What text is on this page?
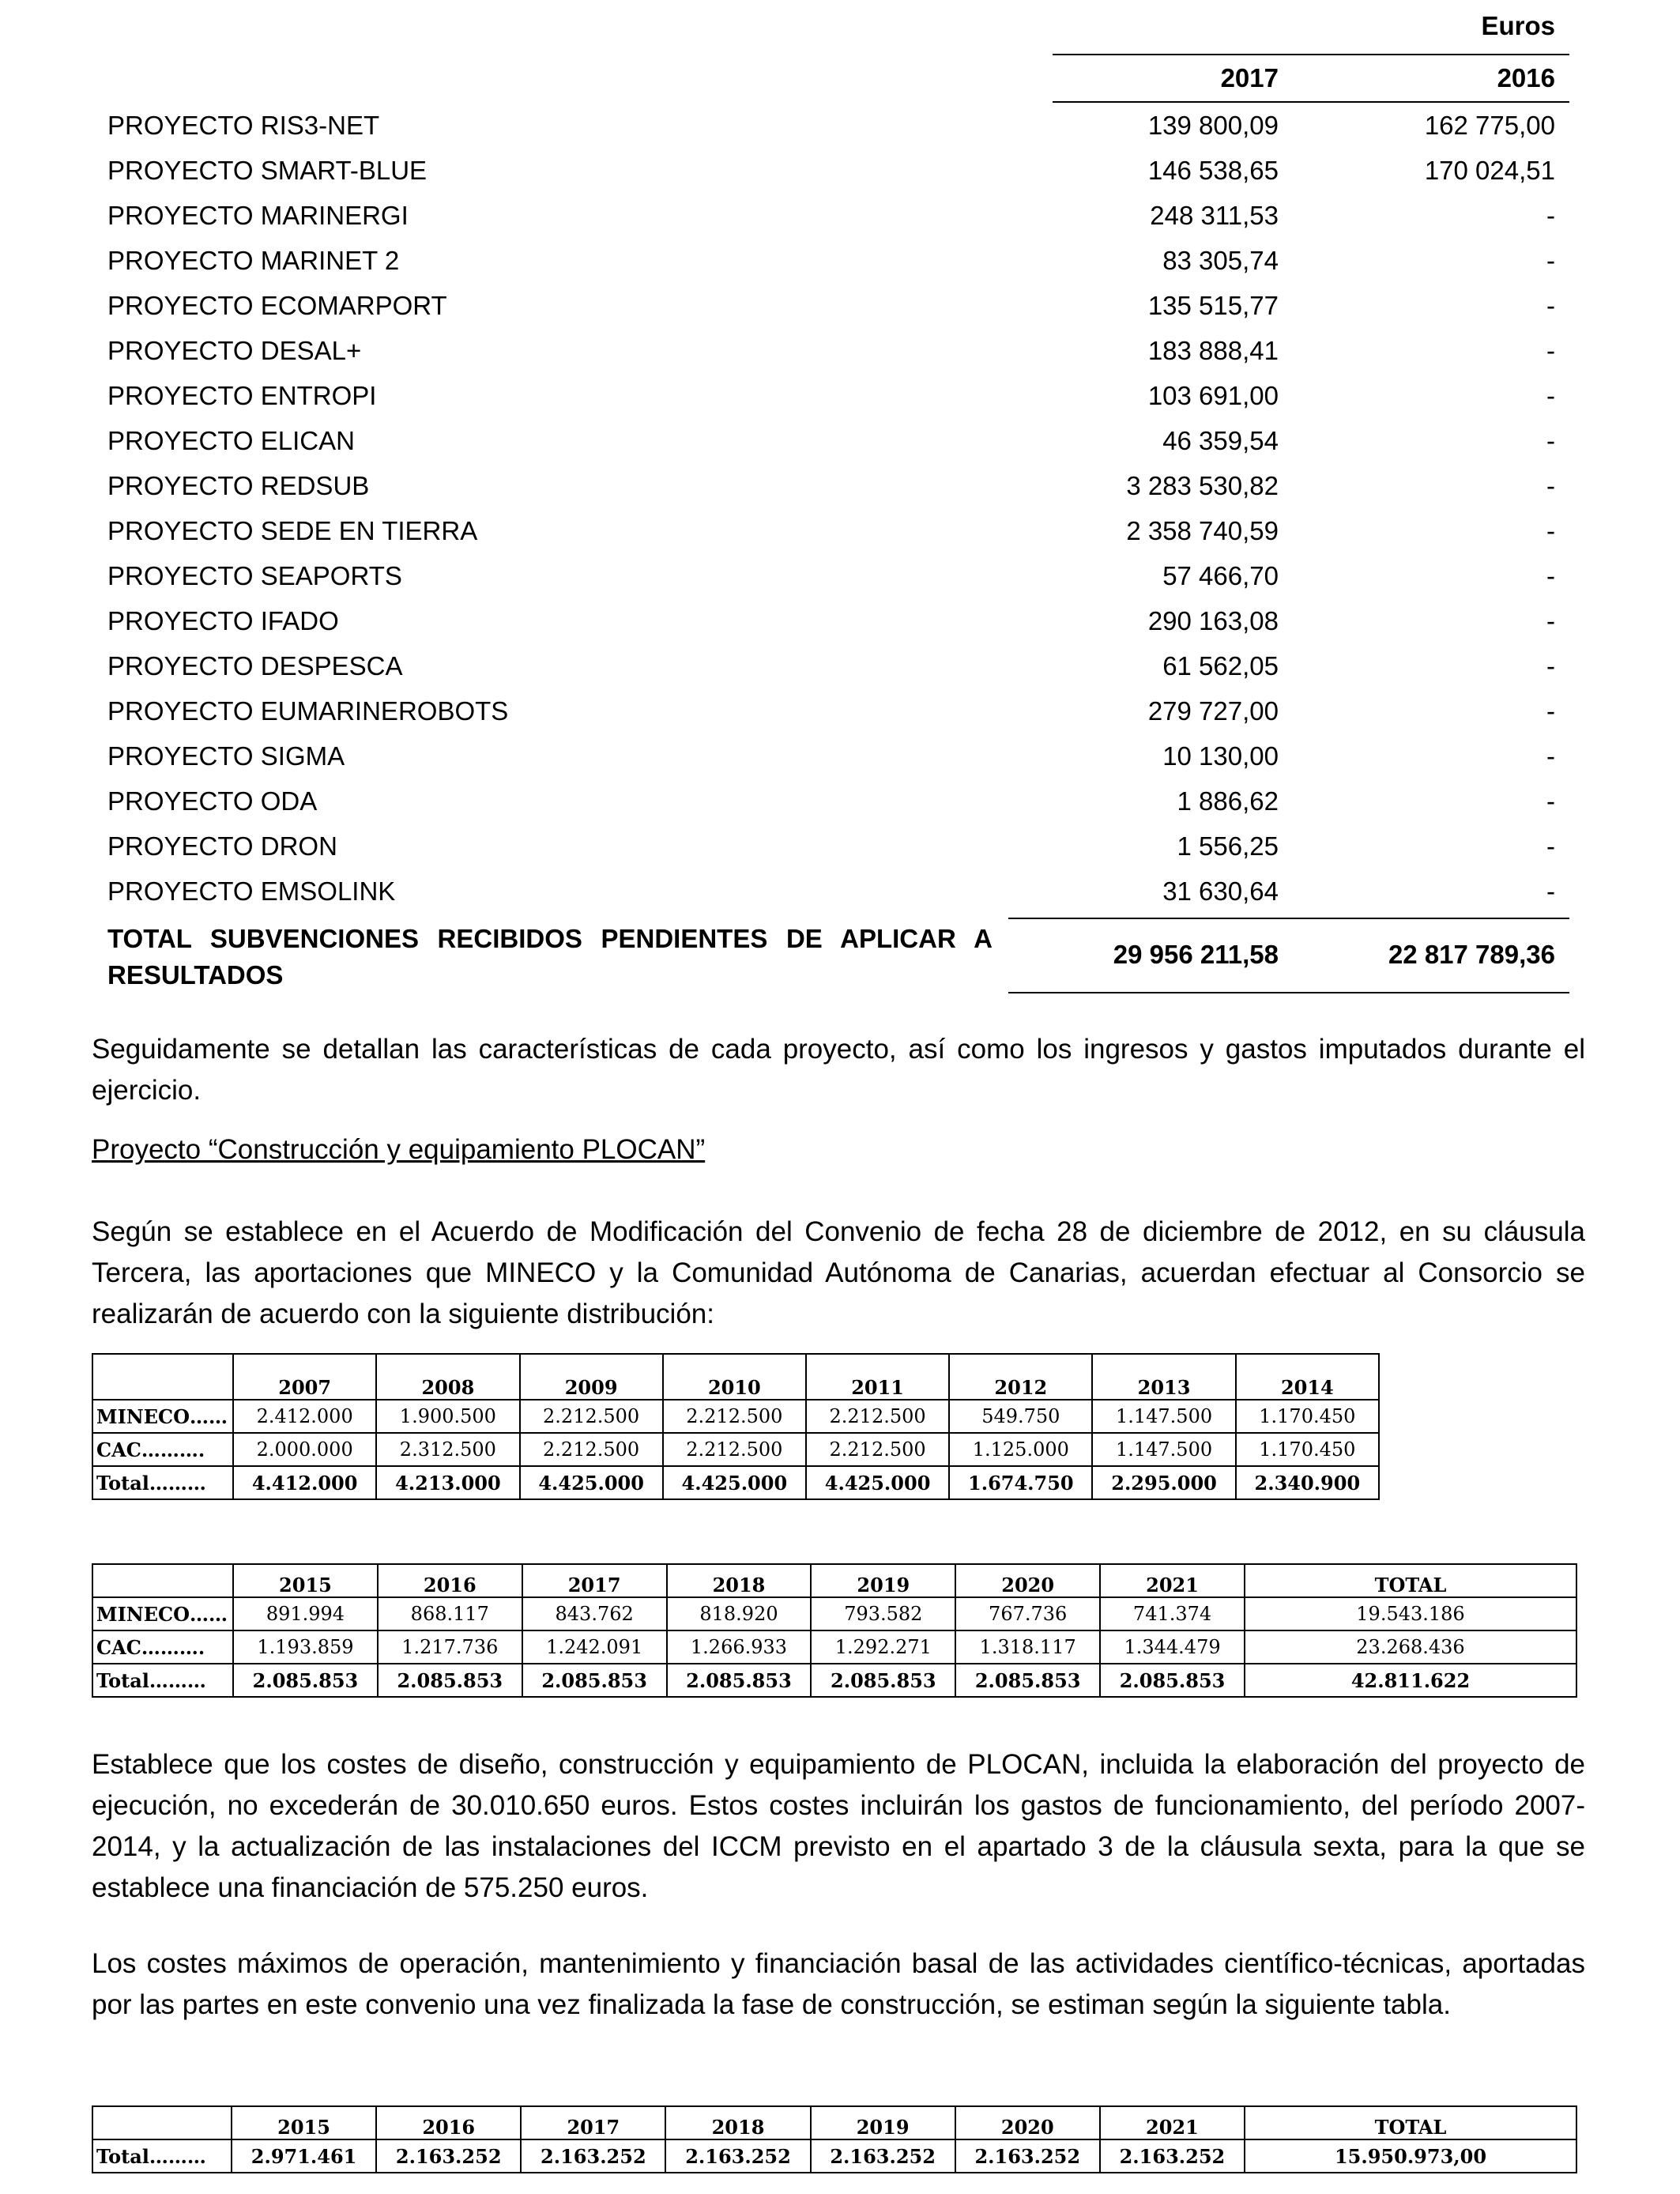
Euros
2017	2016
PROYECTO RIS3-NET	139 800,09	162 775,00
PROYECTO SMART-BLUE	146 538,65	170 024,51
PROYECTO MARINERGI	248 311,53	-
PROYECTO MARINET 2	83 305,74	-
PROYECTO ECOMARPORT	135 515,77	-
PROYECTO DESAL+	183 888,41	-
PROYECTO ENTROPI	103 691,00	-
PROYECTO ELICAN	46 359,54	-
PROYECTO REDSUB	3 283 530,82	-
PROYECTO SEDE EN TIERRA	2 358 740,59	-
PROYECTO SEAPORTS	57 466,70	-
PROYECTO IFADO	290 163,08	-
PROYECTO DESPESCA	61 562,05	-
PROYECTO EUMARINEROBOTS	279 727,00	-
PROYECTO SIGMA	10 130,00	-
PROYECTO ODA	1 886,62	-
PROYECTO DRON	1 556,25	-
PROYECTO EMSOLINK	31 630,64	-
TOTAL SUBVENCIONES RECIBIDOS PENDIENTES DE APLICAR A RESULTADOS
29 956 211,58	22 817 789,36
Seguidamente se detallan las características de cada proyecto, así como los ingresos y gastos imputados durante el ejercicio.
Proyecto “Construcción y equipamiento PLOCAN”
Según se establece en el Acuerdo de Modificación del Convenio de fecha 28 de diciembre de 2012, en su cláusula Tercera, las aportaciones que MINECO y la Comunidad Autónoma de Canarias, acuerdan efectuar al Consorcio se realizarán de acuerdo con la siguiente distribución:
	2007	2008	2009	2010	2011	2012	2013	2014
MINECO……	2.412.000	1.900.500	2.212.500	2.212.500	2.212.500	549.750	1.147.500	1.170.450
CAC……….	2.000.000	2.312.500	2.212.500	2.212.500	2.212.500	1.125.000	1.147.500	1.170.450
Total………	4.412.000	4.213.000	4.425.000	4.425.000	4.425.000	1.674.750	2.295.000	2.340.900
	2015	2016	2017	2018	2019	2020	2021	TOTAL
MINECO……	891.994	868.117	843.762	818.920	793.582	767.736	741.374	19.543.186
CAC……….	1.193.859	1.217.736	1.242.091	1.266.933	1.292.271	1.318.117	1.344.479	23.268.436
Total………	2.085.853	2.085.853	2.085.853	2.085.853	2.085.853	2.085.853	2.085.853	42.811.622
Establece que los costes de diseño, construcción y equipamiento de PLOCAN, incluida la elaboración del proyecto de ejecución, no excederán de 30.010.650 euros. Estos costes incluirán los gastos de funcionamiento, del período 2007-2014, y la actualización de las instalaciones del ICCM previsto en el apartado 3 de la cláusula sexta, para la que se establece una financiación de 575.250 euros.
Los costes máximos de operación, mantenimiento y financiación basal de las actividades científico-técnicas, aportadas por las partes en este convenio una vez finalizada la fase de construcción, se estiman según la siguiente tabla.
	2015	2016	2017	2018	2019	2020	2021	TOTAL
Total………	2.971.461	2.163.252	2.163.252	2.163.252	2.163.252	2.163.252	2.163.252	15.950.973,00
